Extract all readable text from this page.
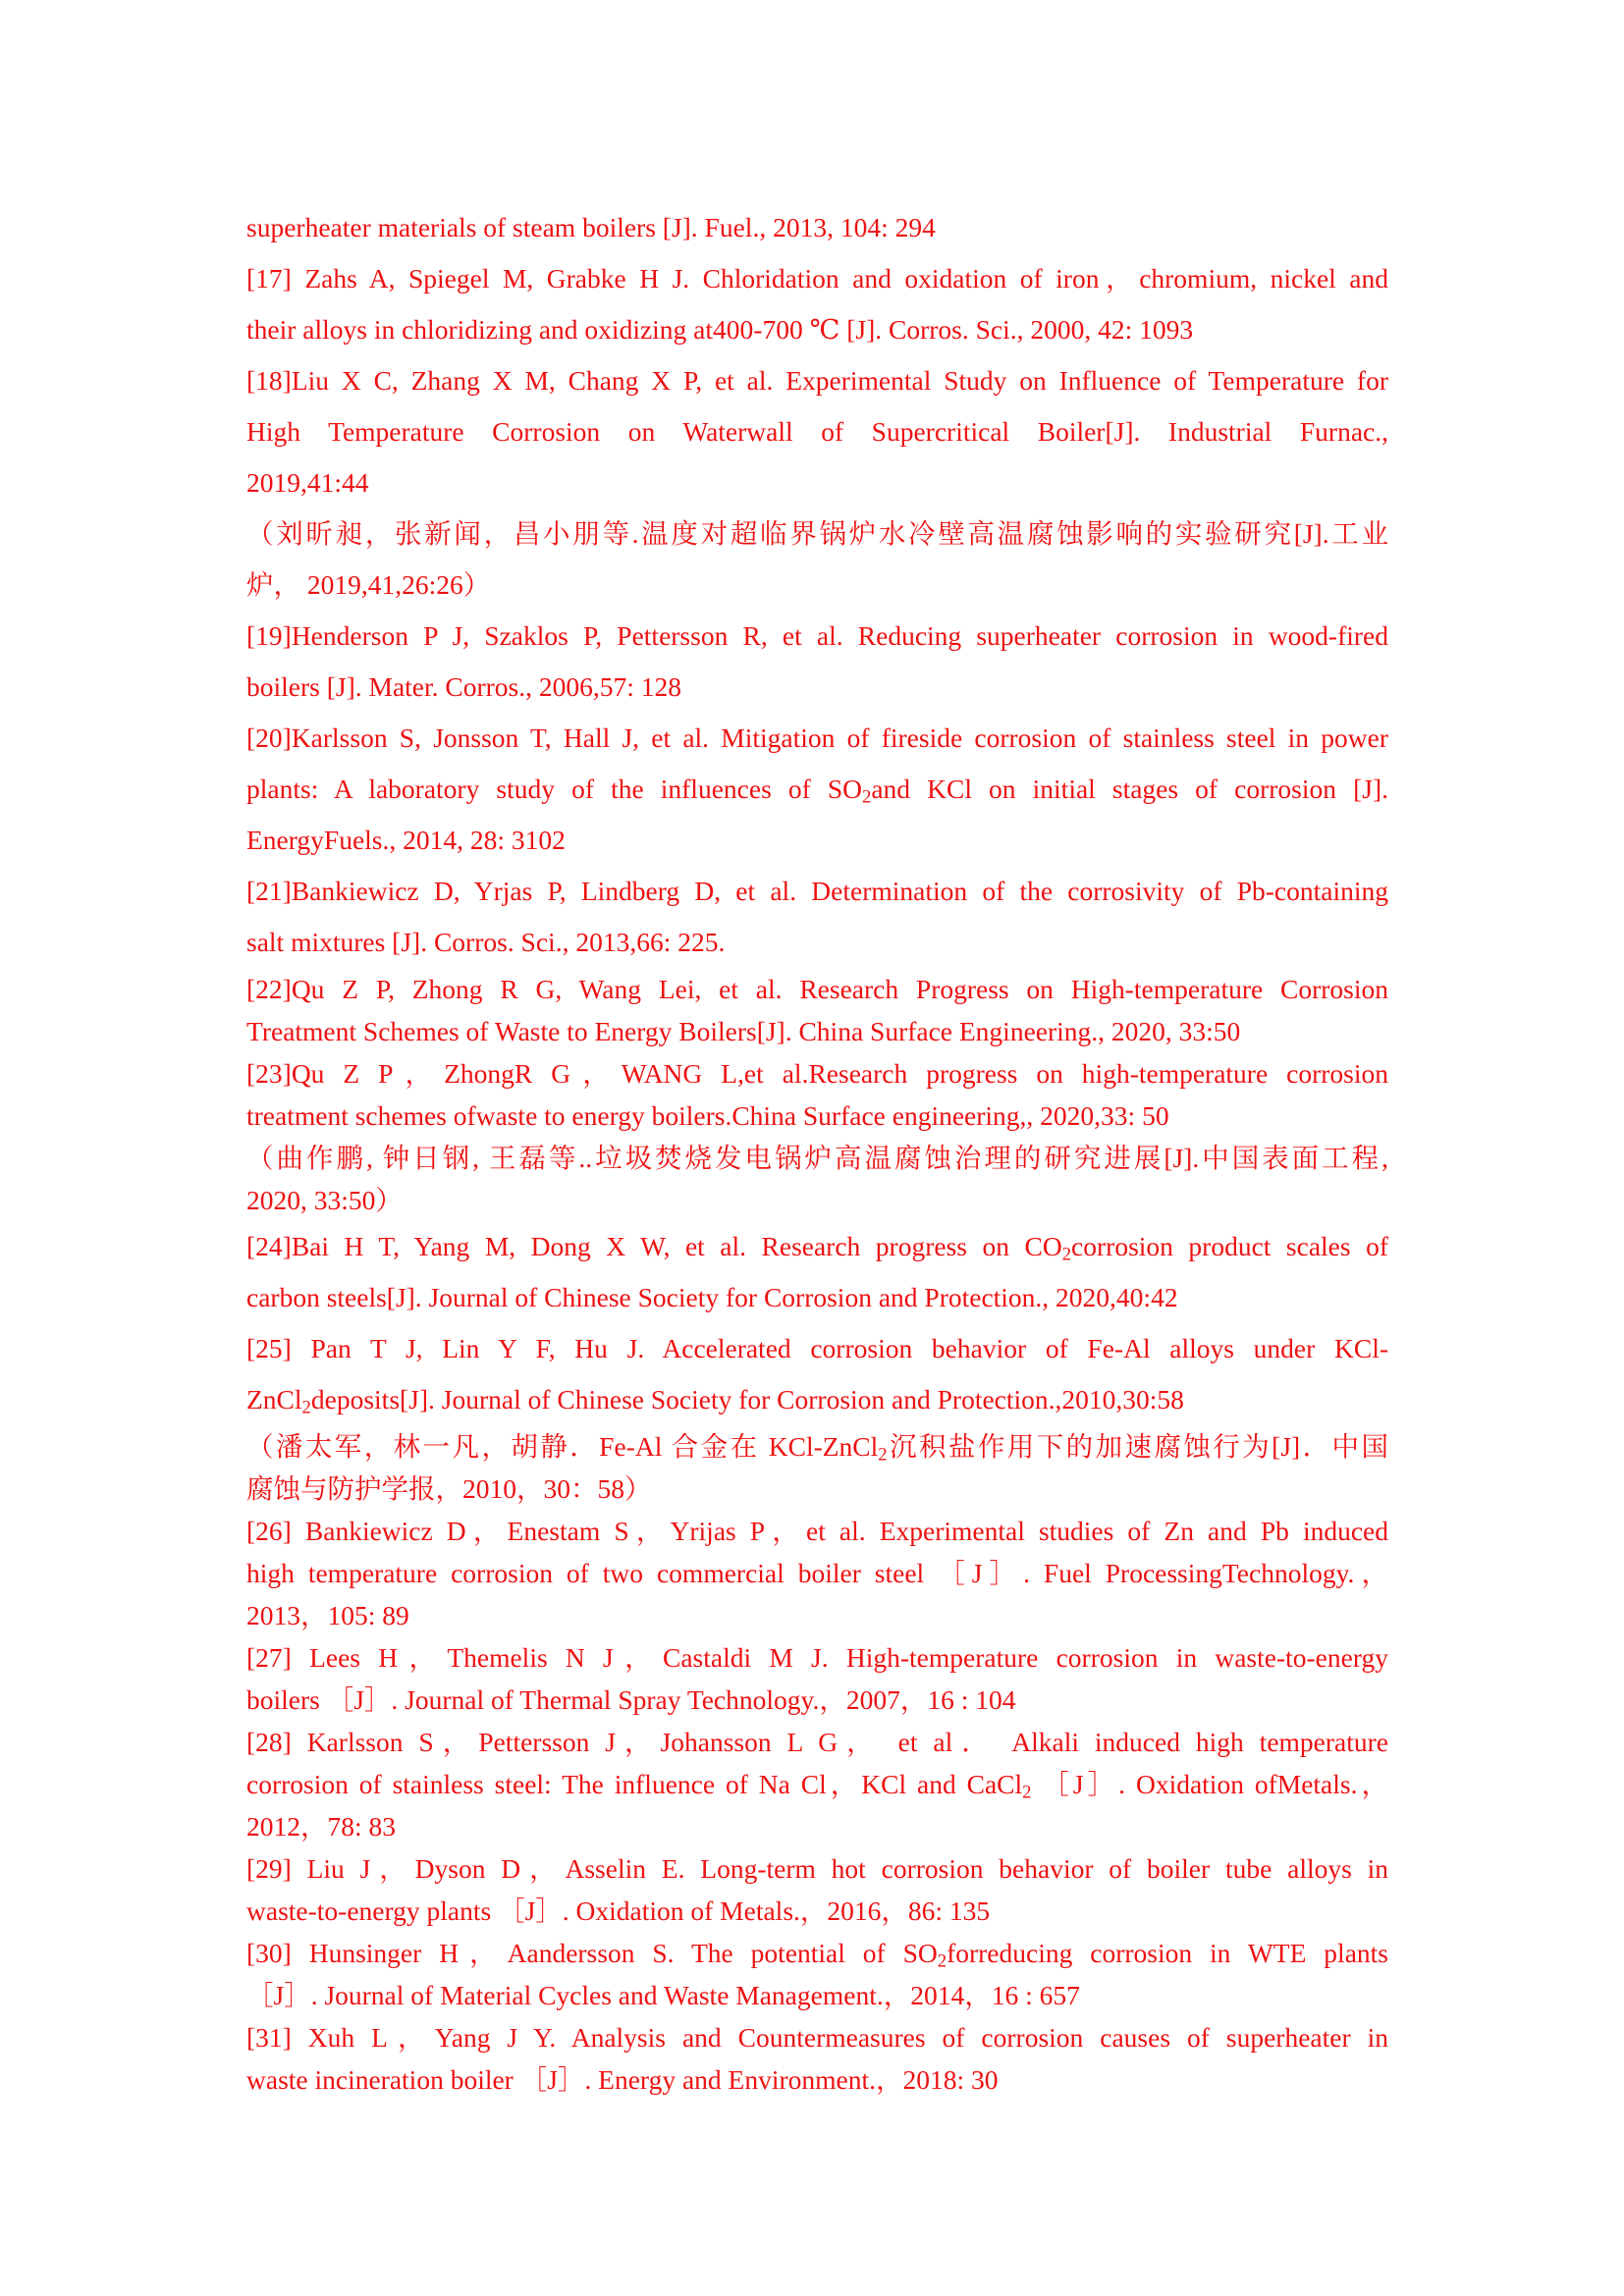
superheater materials of steam boilers [J]. Fuel., 2013, 104: 294

[17] Zahs A, Spiegel M, Grabke H J. Chloridation and oxidation of iron，chromium, nickel and
their alloys in chloridizing and oxidizing at400-700 ℃ [J]. Corros. Sci., 2000, 42: 1093

[18]Liu X C, Zhang X M, Chang X P, et al. Experimental Study on Influence of Temperature for
High Temperature Corrosion on Waterwall of Supercritical Boiler[J]. Industrial Furnac.,
2019,41:44

（刘昕昶，张新闻，昌小朋等.温度对超临界锅炉水冷壁高温腐蚀影响的实验研究[J].工业
炉， 2019,41,26:26）

[19]Henderson P J, Szaklos P, Pettersson R, et al. Reducing superheater corrosion in wood-fired
boilers [J]. Mater. Corros., 2006,57: 128

[20]Karlsson S, Jonsson T, Hall J, et al. Mitigation of fireside corrosion of stainless steel in power
plants: A laboratory study of the influences of $SO_2and$ KCl on initial stages of corrosion [J].
EnergyFuels., 2014, 28: 3102

[21]Bankiewicz D, Yrjas P, Lindberg D, et al. Determination of the corrosivity of Pb-containing
salt mixtures [J]. Corros. Sci., 2013,66: 225.

[22]Qu Z P, Zhong R G, Wang Lei, et al. Research Progress on High-temperature Corrosion
Treatment Schemes of Waste to Energy Boilers[J]. China Surface Engineering., 2020, 33:50

[23]Qu Z P，ZhongR G，WANG L,et al.Research progress on high-temperature corrosion
treatment schemes ofwaste to energy boilers.China Surface engineering,, 2020,33: 50

（曲作鹏, 钟日钢, 王磊等..垃圾焚烧发电锅炉高温腐蚀治理的研究进展[J].中国表面工程,
2020, 33:50）

[24]Bai H T, Yang M, Dong X W, et al. Research progress on $CO_2corrosion$ product scales of
carbon steels[J]. Journal of Chinese Society for Corrosion and Protection., 2020,40:42

[25] Pan T J, Lin Y F, Hu J. Accelerated corrosion behavior of Fe-Al alloys under KCl-
ZnCl$_2$deposits[J]. Journal of Chinese Society for Corrosion and Protection.,2010,30:58

（潘太军，林一凡，胡静．Fe-Al 合金在 KCl-ZnCl$_2$沉积盐作用下的加速腐蚀行为[J]．中国
腐蚀与防护学报，2010，30：58）

[26] Bankiewicz D，Enestam S，Yrijas P，et al. Experimental studies of Zn and Pb induced
high temperature corrosion of two commercial boiler steel ［J］. Fuel ProcessingTechnology.，
2013，105: 89

[27] Lees H，Themelis N J，Castaldi M J. High-temperature corrosion in waste-to-energy
boilers ［J］. Journal of Thermal Spray Technology.，2007，16 : 104

[28] Karlsson S，Pettersson J，Johansson L G， et al． Alkali induced high temperature
corrosion of stainless steel: The influence of Na Cl，KCl and CaCl$_2$ ［J］. Oxidation ofMetals.，
2012，78: 83

[29] Liu J，Dyson D，Asselin E. Long-term hot corrosion behavior of boiler tube alloys in
waste-to-energy plants ［J］. Oxidation of Metals.，2016，86: 135

[30] Hunsinger H，Aandersson S. The potential of $SO_2forreducing$ corrosion in WTE plants
［J］. Journal of Material Cycles and Waste Management.，2014，16 : 657

[31] Xuh L，Yang J Y. Analysis and Countermeasures of corrosion causes of superheater in
waste incineration boiler ［J］. Energy and Environment.，2018: 30
